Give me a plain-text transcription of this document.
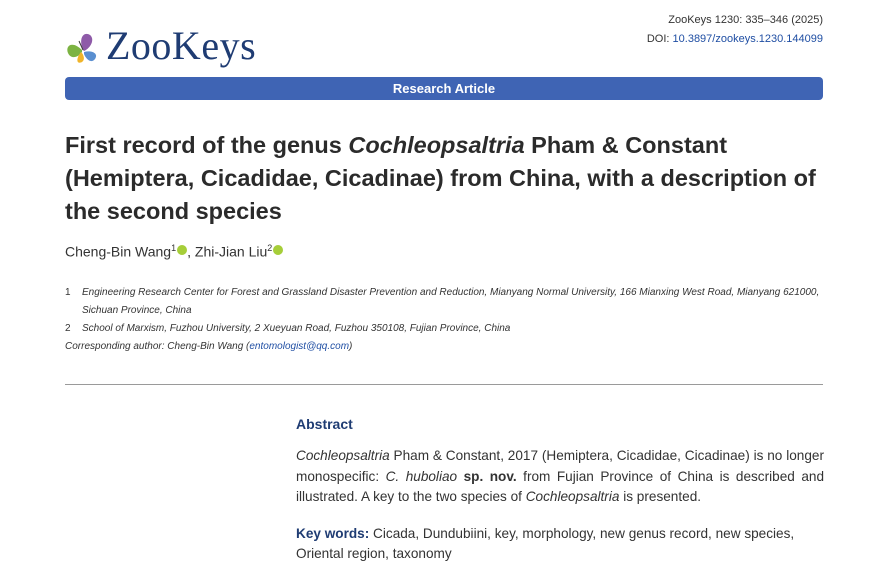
ZooKeys
ZooKeys 1230: 335–346 (2025)
DOI: 10.3897/zookeys.1230.144099
Research Article
First record of the genus Cochleopsaltria Pham & Constant (Hemiptera, Cicadidae, Cicadinae) from China, with a description of the second species
Cheng-Bin Wang$^1$ , Zhi-Jian Liu$^2$
1	Engineering Research Center for Forest and Grassland Disaster Prevention and Reduction, Mianyang Normal University, 166 Mianxing West Road, Mianyang 621000, Sichuan Province, China
2	School of Marxism, Fuzhou University, 2 Xueyuan Road, Fuzhou 350108, Fujian Province, China
Corresponding author: Cheng-Bin Wang (entomologist@qq.com)
Abstract

Cochleopsaltria Pham & Constant, 2017 (Hemiptera, Cicadidae, Cicadinae) is no longer monospecific: C. huboliao sp. nov. from Fujian Province of China is described and illustrated. A key to the two species of Cochleopsaltria is presented.

Key words: Cicada, Dundubiini, key, morphology, new genus record, new species, Oriental region, taxonomy
